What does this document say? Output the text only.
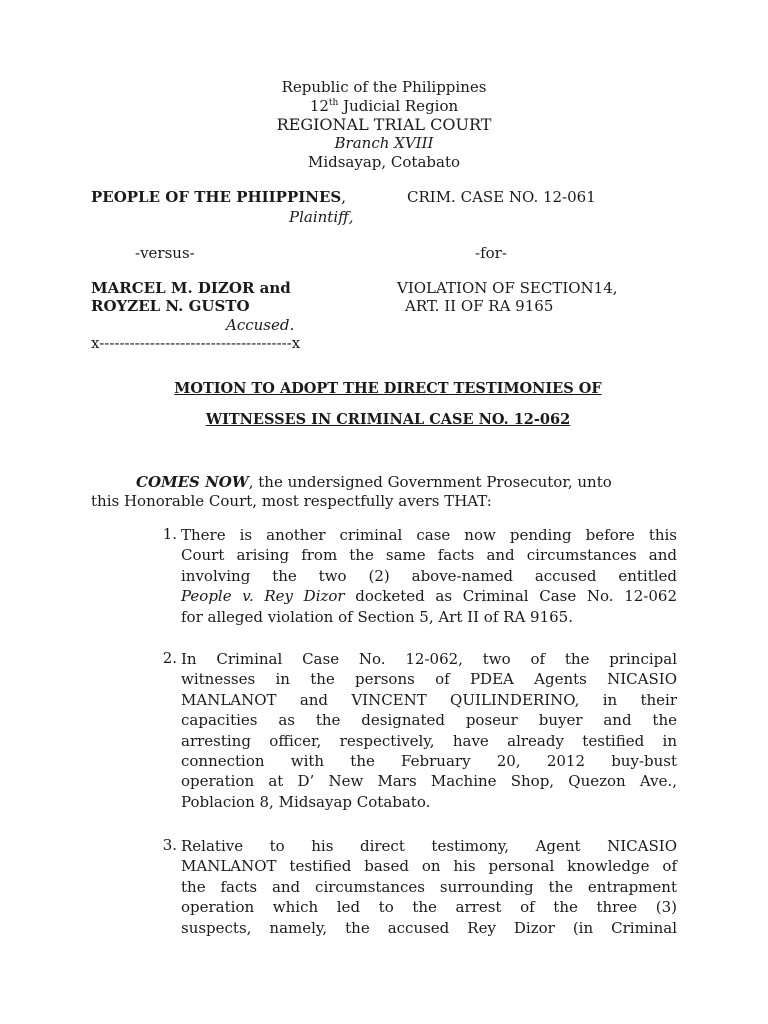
Republic of the Philippines
12th Judicial Region
REGIONAL TRIAL COURT
Branch XVIII
Midsayap, Cotabato
PEOPLE OF THE PHIIPPINES,
Plaintiff,
CRIM. CASE NO. 12-061
-versus-	-for-
MARCEL M. DIZOR and
ROYZEL N. GUSTO
Accused.
VIOLATION OF SECTION14,
ART. II OF RA 9165
x--------------------------------------x
MOTION TO ADOPT THE DIRECT TESTIMONIES OF
WITNESSES IN CRIMINAL CASE NO. 12-062
COMES NOW, the undersigned Government Prosecutor, unto
this Honorable Court, most respectfully avers THAT:
1. There is another criminal case now pending before this
Court arising from the same facts and circumstances and
involving the two (2) above-named accused entitled
People v. Rey Dizor docketed as Criminal Case No. 12-062
for alleged violation of Section 5, Art II of RA 9165.
2. In Criminal Case No. 12-062, two of the principal
witnesses in the persons of PDEA Agents NICASIO
MANLANOT and VINCENT QUILINDERINO, in their
capacities as the designated poseur buyer and the
arresting officer, respectively, have already testified in
connection with the February 20, 2012 buy-bust
operation at D’ New Mars Machine Shop, Quezon Ave.,
Poblacion 8, Midsayap Cotabato.
3. Relative to his direct testimony, Agent NICASIO
MANLANOT testified based on his personal knowledge of
the facts and circumstances surrounding the entrapment
operation which led to the arrest of the three (3)
suspects, namely, the accused Rey Dizor (in Criminal
